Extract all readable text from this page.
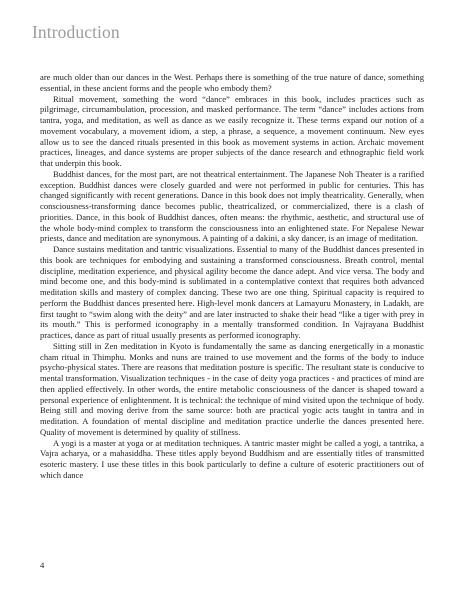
Introduction

are much older than our dances in the West. Perhaps there is something of the true nature of dance, something essential, in these ancient forms and the people who embody them?

Ritual movement, something the word “dance” embraces in this book, includes practices such as pilgrimage, circumambulation, procession, and masked performance. The term “dance” includes actions from tantra, yoga, and meditation, as well as dance as we easily recognize it. These terms expand our notion of a movement vocabulary, a movement idiom, a step, a phrase, a sequence, a movement continuum. New eyes allow us to see the danced rituals presented in this book as movement systems in action. Archaic movement practices, lineages, and dance systems are proper subjects of the dance research and ethnographic field work that underpin this book.

Buddhist dances, for the most part, are not theatrical entertainment. The Japanese Noh Theater is a rarified exception. Buddhist dances were closely guarded and were not performed in public for centuries. This has changed significantly with recent generations. Dance in this book does not imply theatricality. Generally, when consciousness-transforming dance becomes public, theatricalized, or commercialized, there is a clash of priorities. Dance, in this book of Buddhist dances, often means: the rhythmic, aesthetic, and structural use of the whole body-mind complex to transform the consciousness into an enlightened state. For Nepalese Newar priests, dance and meditation are synonymous. A painting of a dakini, a sky dancer, is an image of meditation.

Dance sustains meditation and tantric visualizations. Essential to many of the Buddhist dances presented in this book are techniques for embodying and sustaining a transformed consciousness. Breath control, mental discipline, meditation experience, and physical agility become the dance adept. And vice versa. The body and mind become one, and this body-mind is sublimated in a contemplative context that requires both advanced meditation skills and mastery of complex dancing. These two are one thing. Spiritual capacity is required to perform the Buddhist dances presented here. High-level monk dancers at Lamayuru Monastery, in Ladakh, are first taught to “swim along with the deity” and are later instructed to shake their head “like a tiger with prey in its mouth.” This is performed iconography in a mentally transformed condition. In Vajrayana Buddhist practices, dance as part of ritual usually presents as performed iconography.

Sitting still in Zen meditation in Kyoto is fundamentally the same as dancing energetically in a monastic cham ritual in Thimphu. Monks and nuns are trained to use movement and the forms of the body to induce psycho-physical states. There are reasons that meditation posture is specific. The resultant state is conducive to mental transformation. Visualization techniques - in the case of deity yoga practices - and practices of mind are then applied effectively. In other words, the entire metabolic consciousness of the dancer is shaped toward a personal experience of enlightenment. It is technical: the technique of mind visited upon the technique of body. Being still and moving derive from the same source: both are practical yogic acts taught in tantra and in meditation. A foundation of mental discipline and meditation practice underlie the dances presented here. Quality of movement is determined by quality of stillness.

A yogi is a master at yoga or at meditation techniques. A tantric master might be called a yogi, a tantrika, a Vajra acharya, or a mahasiddha. These titles apply beyond Buddhism and are essentially titles of transmitted esoteric mastery. I use these titles in this book particularly to define a culture of esoteric practitioners out of which dance

4
